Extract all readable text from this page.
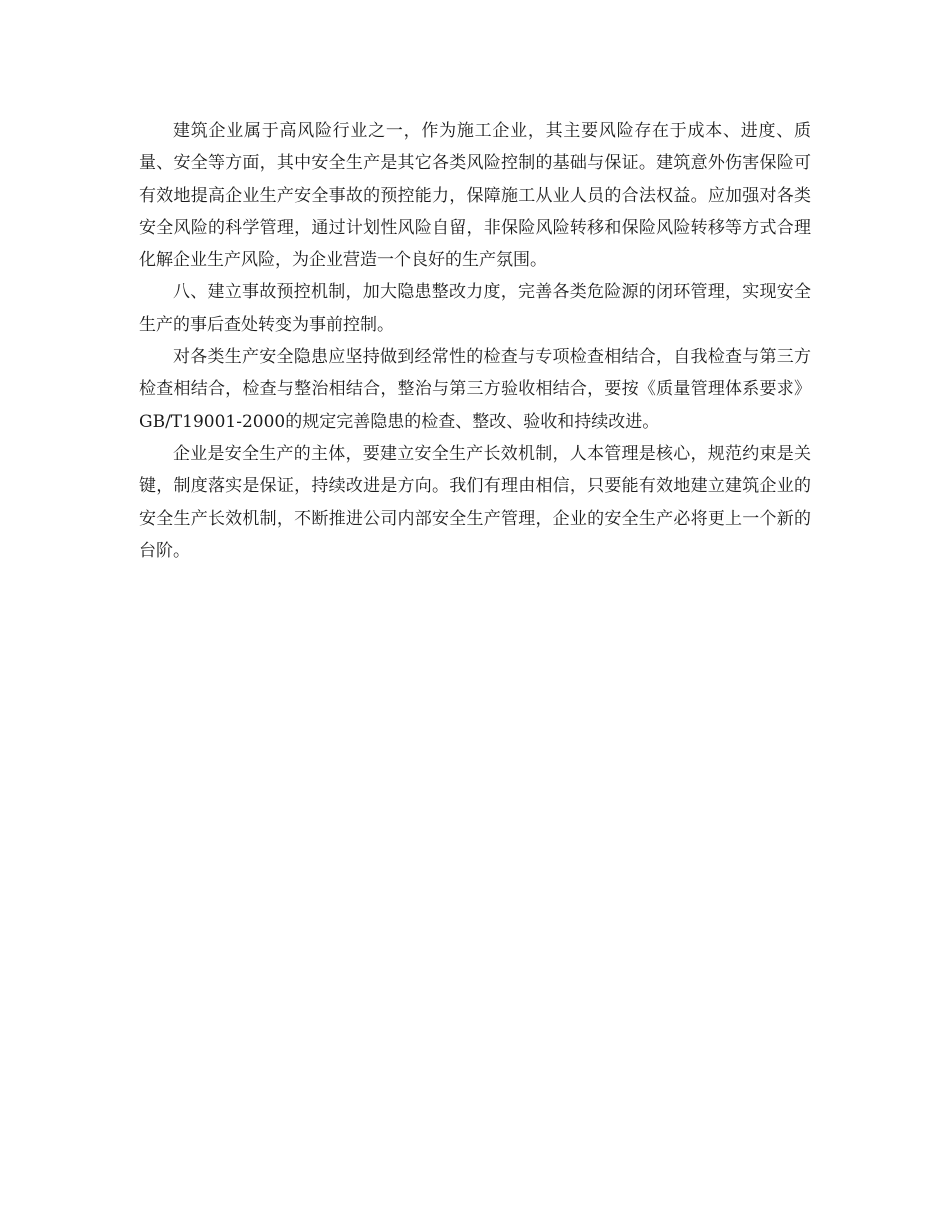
建筑企业属于高风险行业之一，作为施工企业，其主要风险存在于成本、进度、质量、安全等方面，其中安全生产是其它各类风险控制的基础与保证。建筑意外伤害保险可有效地提高企业生产安全事故的预控能力，保障施工从业人员的合法权益。应加强对各类安全风险的科学管理，通过计划性风险自留，非保险风险转移和保险风险转移等方式合理化解企业生产风险，为企业营造一个良好的生产氛围。

八、建立事故预控机制，加大隐患整改力度，完善各类危险源的闭环管理，实现安全生产的事后查处转变为事前控制。

对各类生产安全隐患应坚持做到经常性的检查与专项检查相结合，自我检查与第三方检查相结合，检查与整治相结合，整治与第三方验收相结合，要按《质量管理体系要求》GB/T19001-2000的规定完善隐患的检查、整改、验收和持续改进。

企业是安全生产的主体，要建立安全生产长效机制，人本管理是核心，规范约束是关键，制度落实是保证，持续改进是方向。我们有理由相信，只要能有效地建立建筑企业的安全生产长效机制，不断推进公司内部安全生产管理，企业的安全生产必将更上一个新的台阶。
